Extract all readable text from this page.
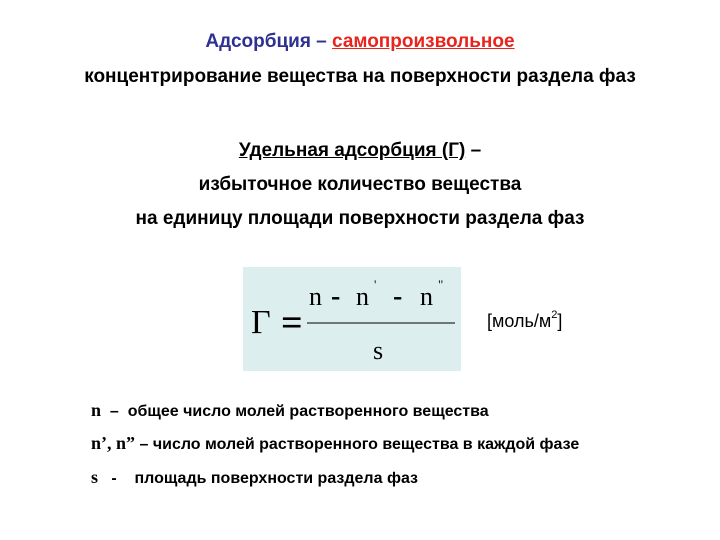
Адсорбция – самопроизвольное
концентрирование вещества на поверхности раздела фаз
Удельная адсорбция (Г) –
избыточное количество вещества
на единицу площади поверхности раздела фаз
Γ =
n - n ' - n "
s
$[моль/м^2]$
n  –  общее число молей растворенного вещества
n’, n” – число молей растворенного вещества в каждой фазе
s   -    площадь поверхности раздела фаз
